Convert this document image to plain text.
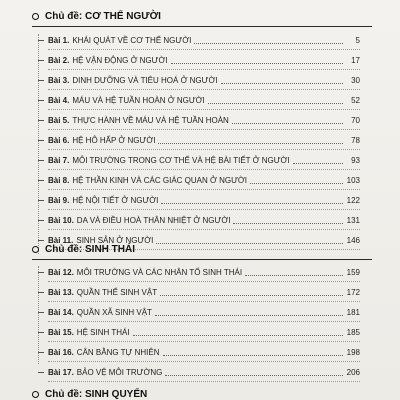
Chủ đề:
CƠ THỂ NGƯỜI
Bài 1. KHÁI QUÁT VỀ CƠ THỂ NGƯỜI	5
Bài 2. HỆ VẬN ĐỘNG Ở NGƯỜI	17
Bài 3. DINH DƯỠNG VÀ TIÊU HOÁ Ở NGƯỜI	30
Bài 4. MÁU VÀ HỆ TUẦN HOÀN Ở NGƯỜI	52
Bài 5. THỰC HÀNH VỀ MÁU VÀ HỆ TUẦN HOÀN	70
Bài 6. HỆ HÔ HẤP Ở NGƯỜI	78
Bài 7. MÔI TRƯỜNG TRONG CƠ THỂ VÀ HỆ BÀI TIẾT Ở NGƯỜI	93
Bài 8. HỆ THẦN KINH VÀ CÁC GIÁC QUAN Ở NGƯỜI	103
Bài 9. HỆ NỘI TIẾT Ở NGƯỜI	122
Bài 10. DA VÀ ĐIỀU HOÀ THÂN NHIỆT Ở NGƯỜI	131
Bài 11. SINH SẢN Ở NGƯỜI	146
Chủ đề:
SINH THÁI
Bài 12. MÔI TRƯỜNG VÀ CÁC NHÂN TỐ SINH THÁI	159
Bài 13. QUẦN THỂ SINH VẬT	172
Bài 14. QUẦN XÃ SINH VẬT	181
Bài 15. HỆ SINH THÁI	185
Bài 16. CÂN BẰNG TỰ NHIÊN	198
Bài 17. BẢO VỆ MÔI TRƯỜNG	206
Chủ đề:
SINH QUYỂN
